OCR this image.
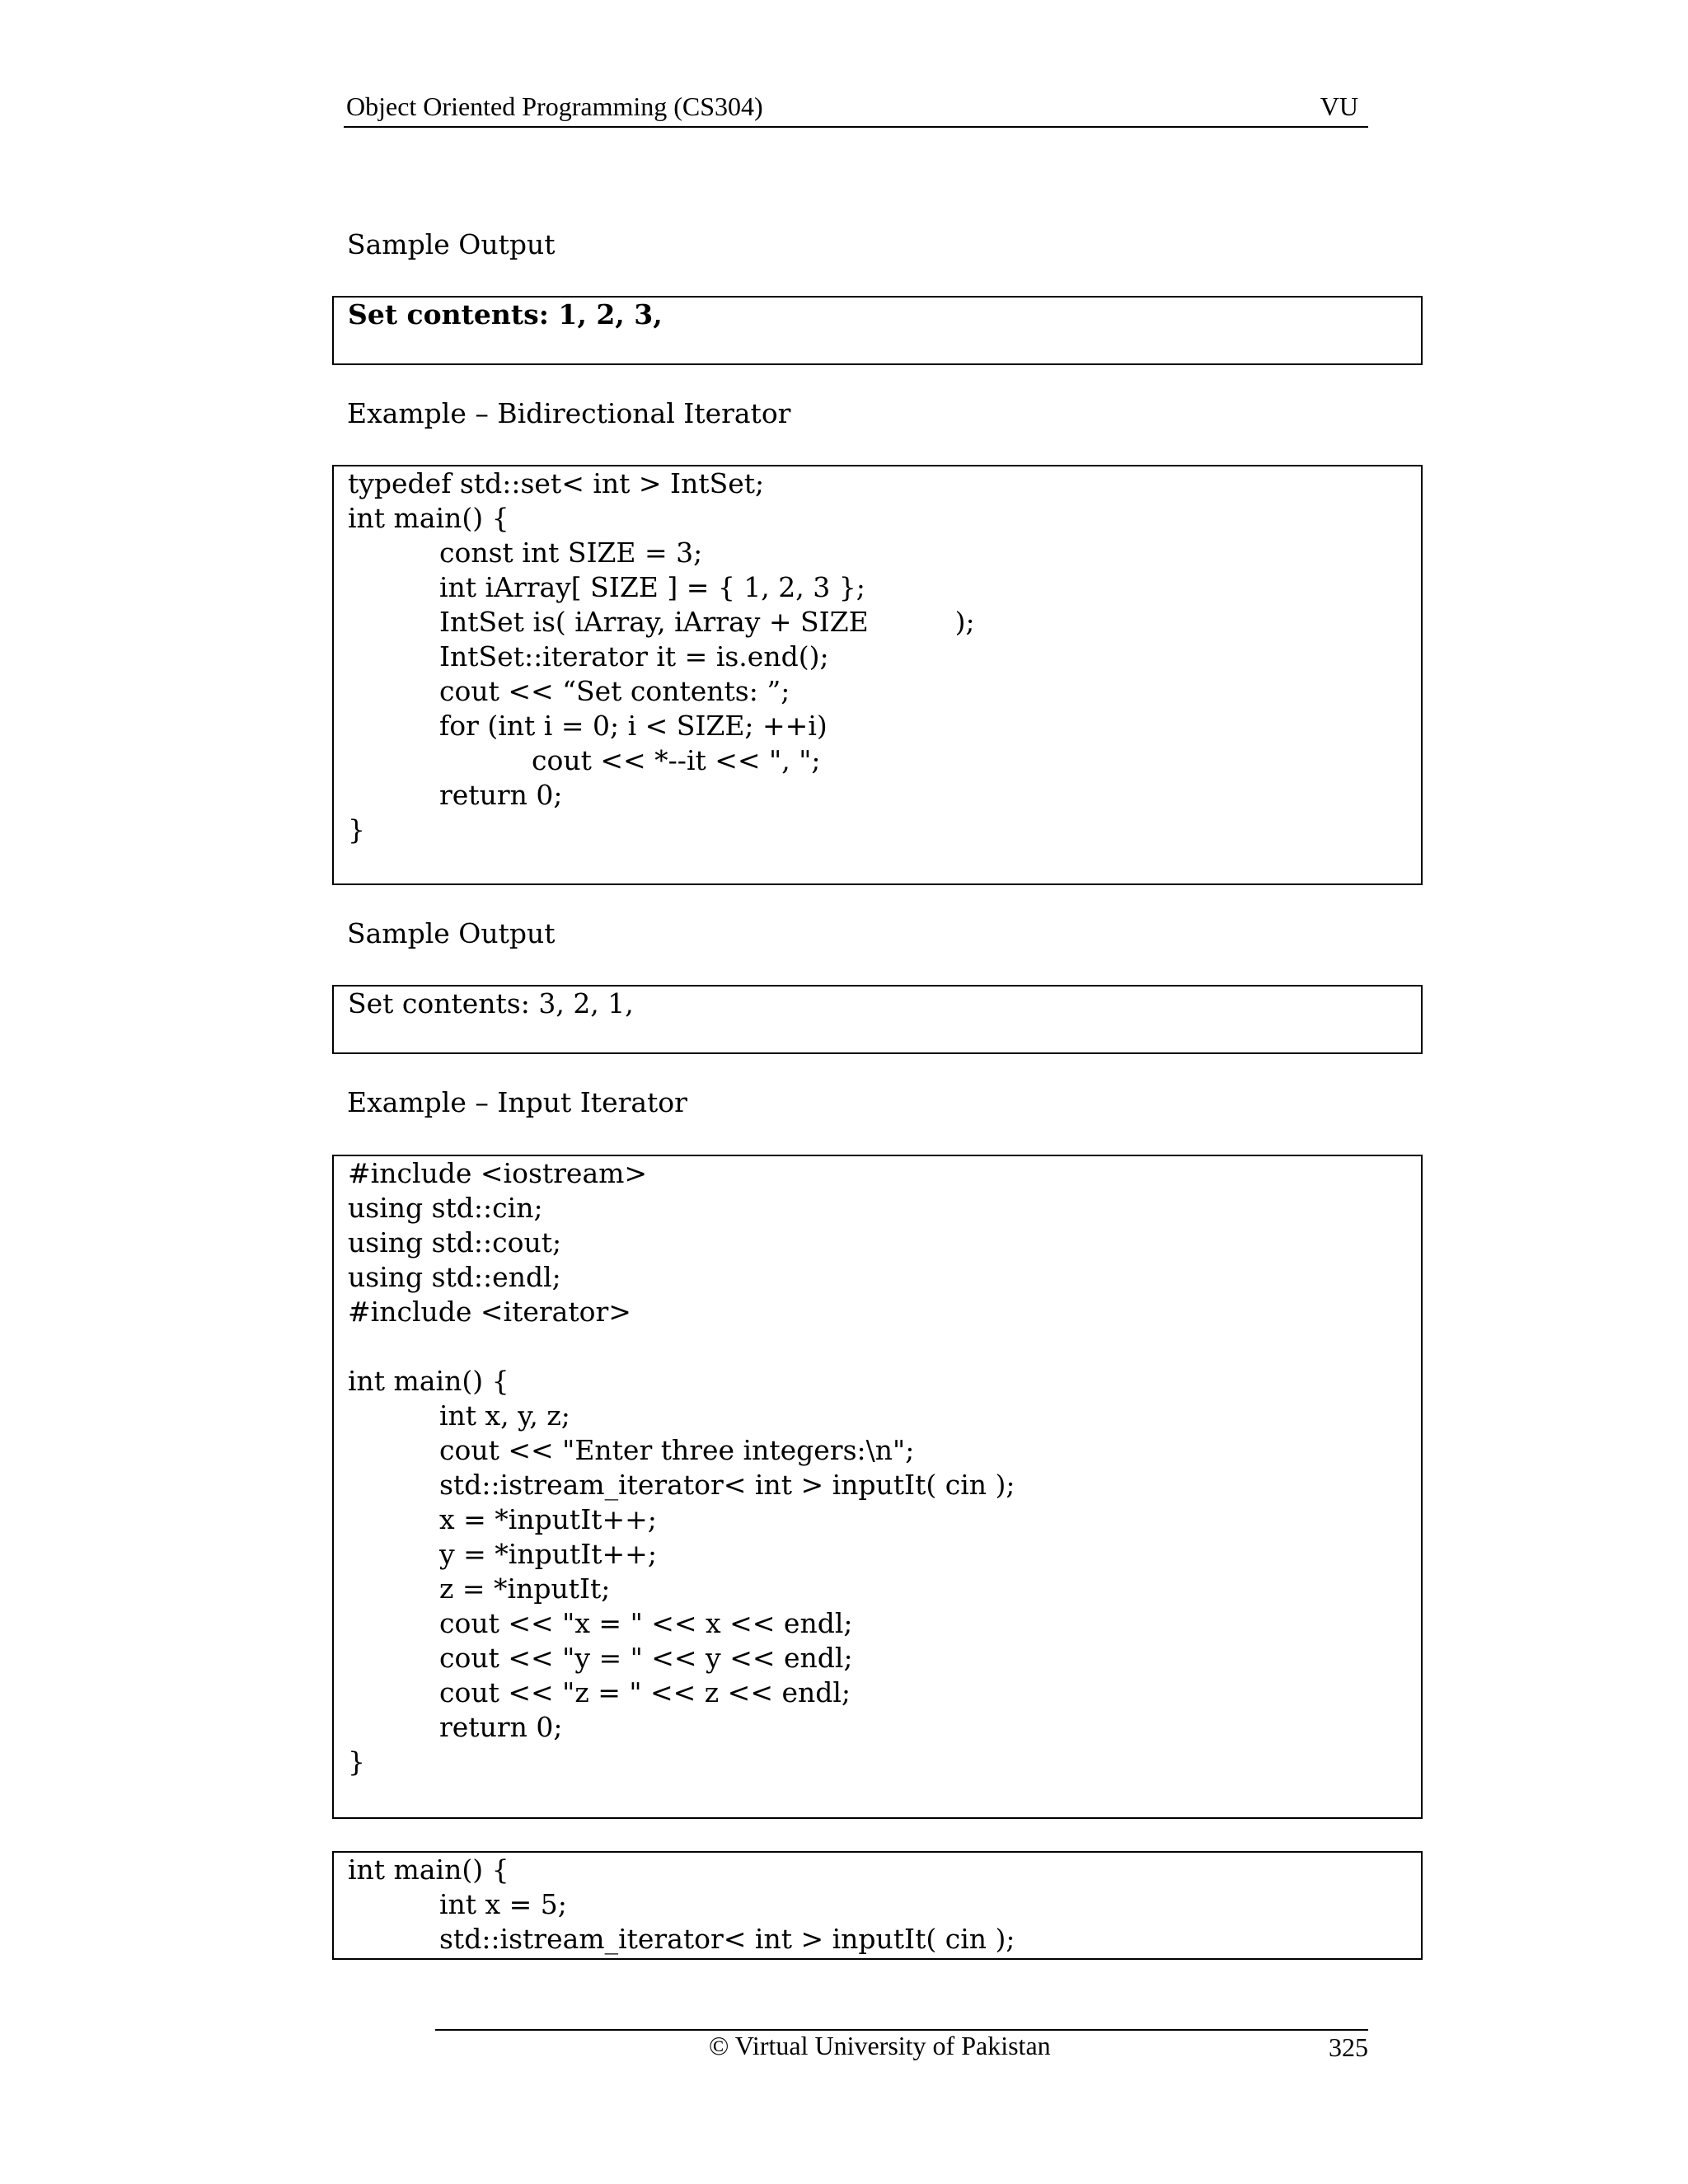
Object Oriented Programming (CS304)	VU
Sample Output
Set contents: 1, 2, 3,
Example – Bidirectional Iterator
typedef std::set< int > IntSet;
int main() {
const int SIZE = 3;
int iArray[ SIZE ] = { 1, 2, 3 };
IntSet is( iArray, iArray + SIZE          );
IntSet::iterator it = is.end();
cout << “Set contents: ”;
for (int i = 0; i < SIZE; ++i)
cout << *--it << ", ";
return 0;
}
Sample Output
Set contents: 3, 2, 1,
Example – Input Iterator
#include <iostream>
using std::cin;
using std::cout;
using std::endl;
#include <iterator>
int main() {
int x, y, z;
cout << "Enter three integers:\n";
std::istream_iterator< int > inputIt( cin );
x = *inputIt++;
y = *inputIt++;
z = *inputIt;
cout << "x = " << x << endl;
cout << "y = " << y << endl;
cout << "z = " << z << endl;
return 0;
}
int main() {
int x = 5;
std::istream_iterator< int > inputIt( cin );
© Virtual University of Pakistan	325
